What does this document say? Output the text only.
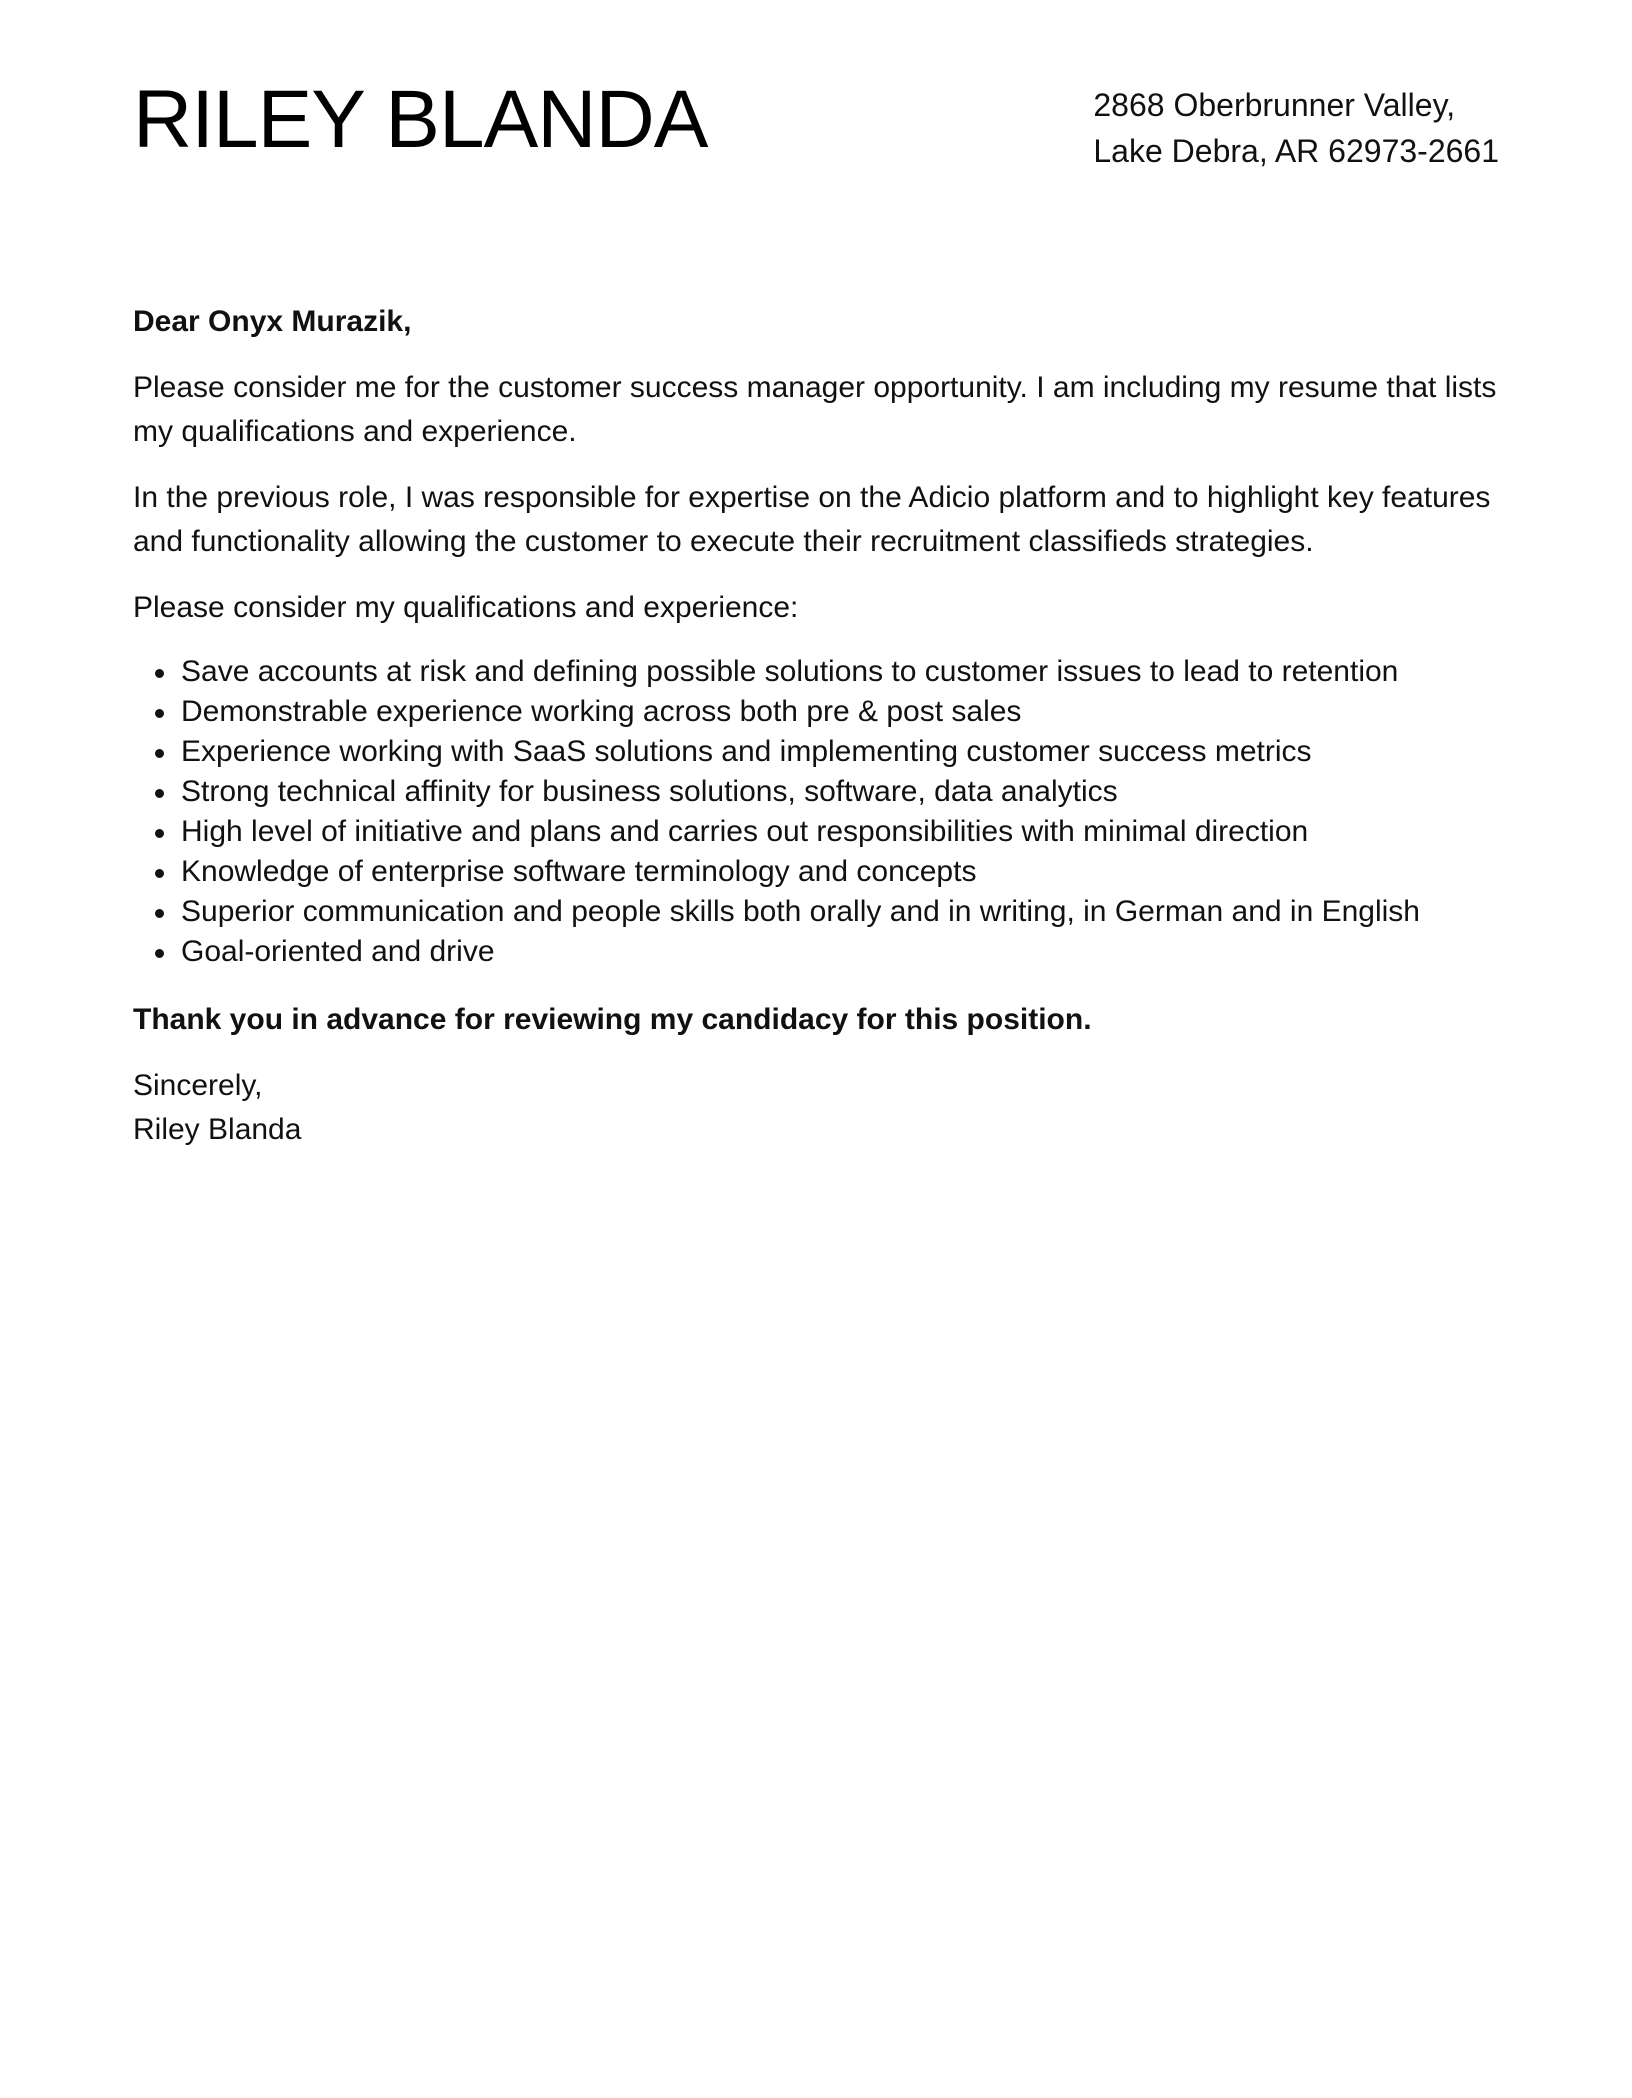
RILEY BLANDA	2868 Oberbrunner Valley,
Lake Debra, AR 62973-2661

Dear Onyx Murazik,

Please consider me for the customer success manager opportunity. I am including my resume that lists my qualifications and experience.

In the previous role, I was responsible for expertise on the Adicio platform and to highlight key features and functionality allowing the customer to execute their recruitment classifieds strategies.

Please consider my qualifications and experience:

Save accounts at risk and defining possible solutions to customer issues to lead to retention
Demonstrable experience working across both pre & post sales
Experience working with SaaS solutions and implementing customer success metrics
Strong technical affinity for business solutions, software, data analytics
High level of initiative and plans and carries out responsibilities with minimal direction
Knowledge of enterprise software terminology and concepts
Superior communication and people skills both orally and in writing, in German and in English
Goal-oriented and drive

Thank you in advance for reviewing my candidacy for this position.

Sincerely,

Riley Blanda
